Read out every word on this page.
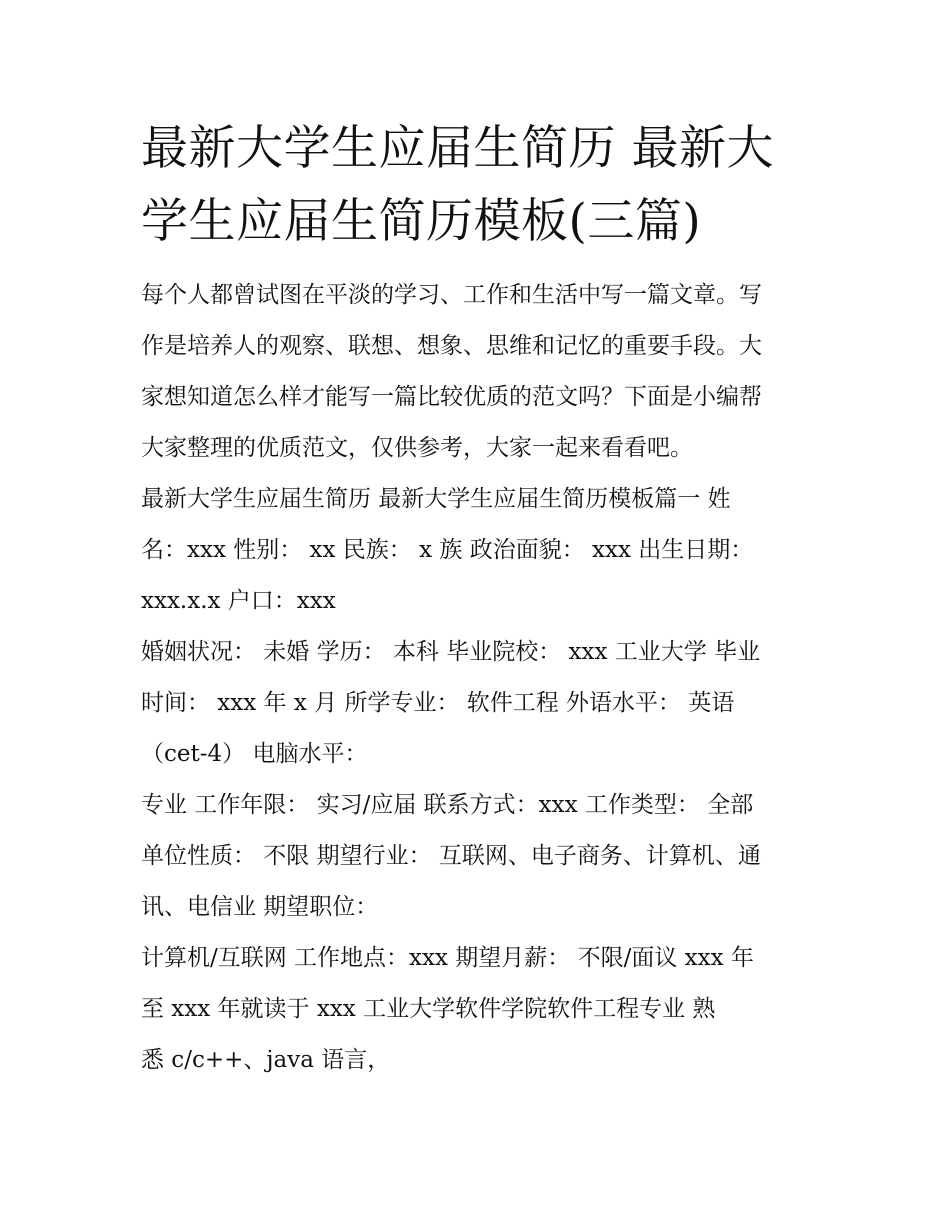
最新大学生应届生简历 最新大
学生应届生简历模板(三篇)

每个人都曾试图在平淡的学习、工作和生活中写一篇文章。写
作是培养人的观察、联想、想象、思维和记忆的重要手段。大
家想知道怎么样才能写一篇比较优质的范文吗？下面是小编帮
大家整理的优质范文，仅供参考，大家一起来看看吧。

最新大学生应届生简历 最新大学生应届生简历模板篇一 姓
名：xxx 性别： xx 民族： x 族 政治面貌： xxx 出生日期：
xxx.x.x 户口：xxx

婚姻状况： 未婚 学历： 本科 毕业院校： xxx 工业大学 毕业
时间： xxx 年 x 月 所学专业： 软件工程 外语水平： 英语
（cet-4） 电脑水平：

专业 工作年限： 实习/应届 联系方式：xxx 工作类型： 全部
单位性质： 不限 期望行业： 互联网、电子商务、计算机、通
讯、电信业 期望职位：

计算机/互联网 工作地点：xxx 期望月薪： 不限/面议 xxx 年
至 xxx 年就读于 xxx 工业大学软件学院软件工程专业 熟
悉 c/c++、java 语言，
